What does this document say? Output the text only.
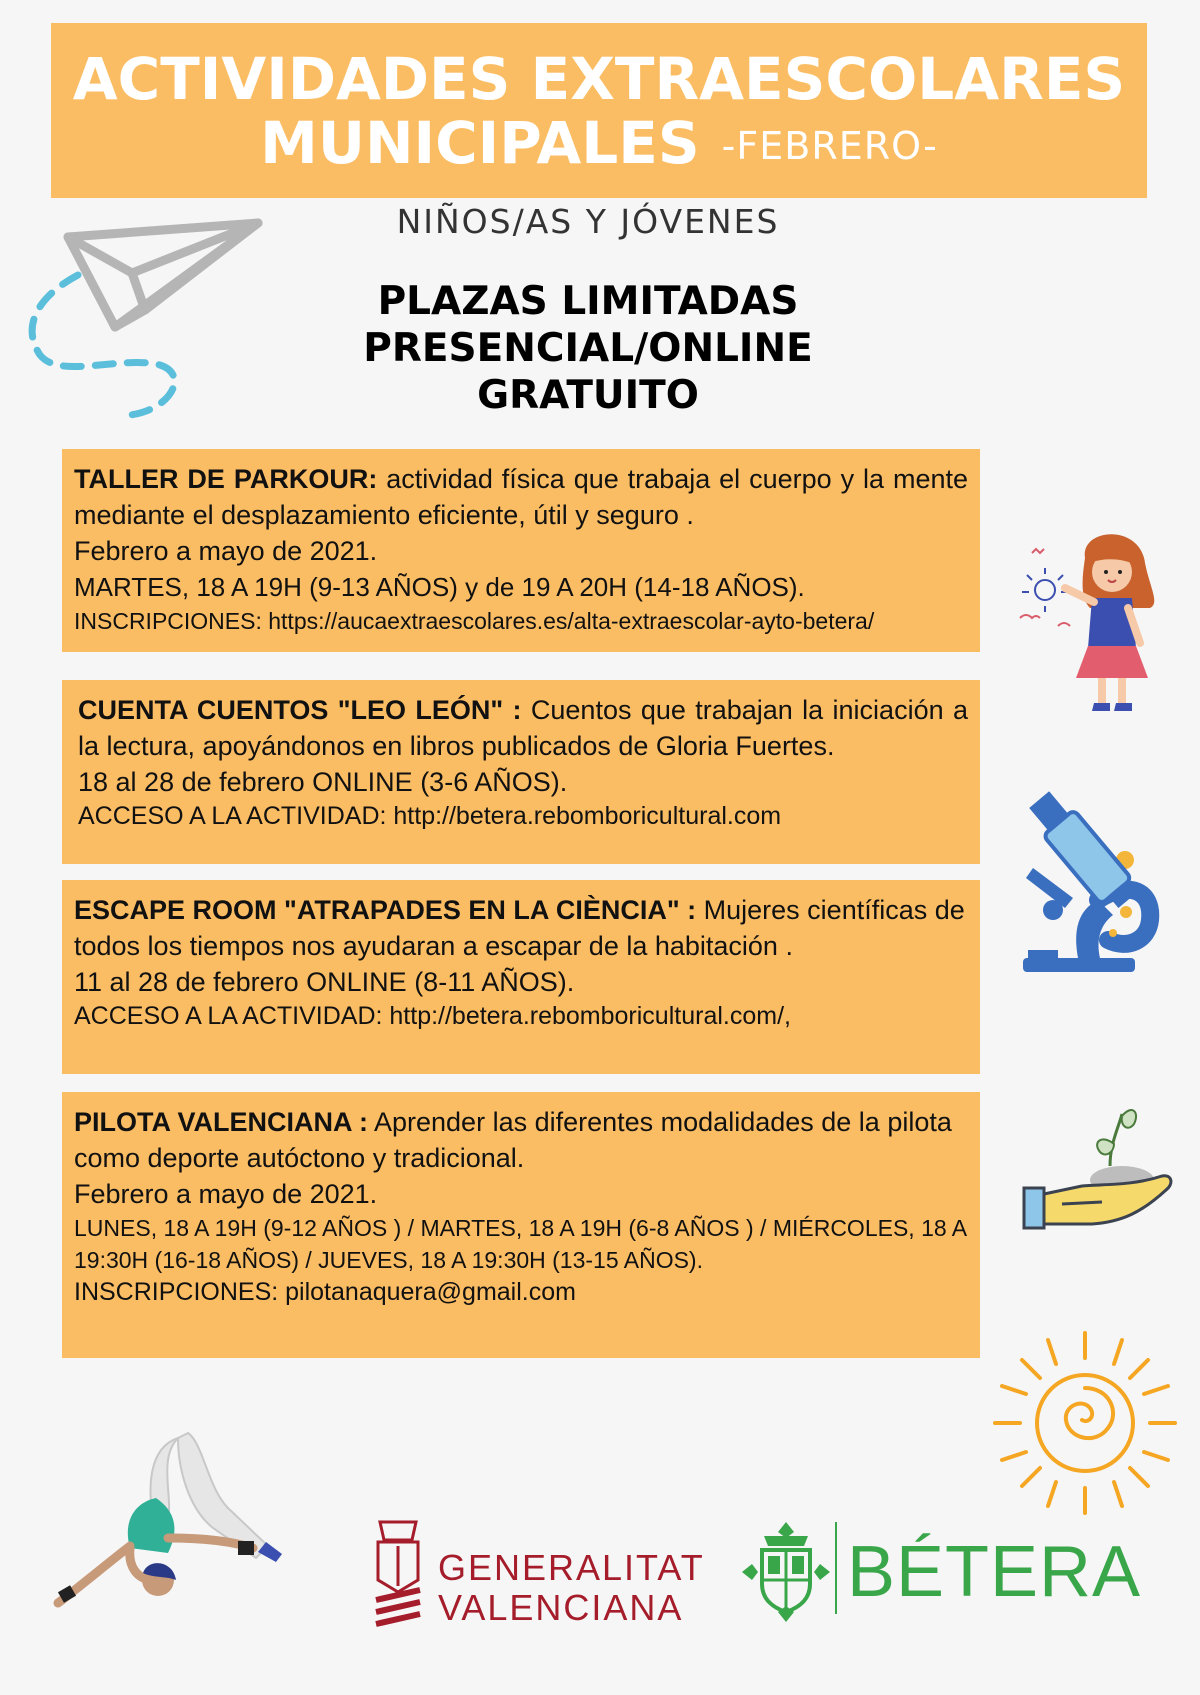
ACTIVIDADES EXTRAESCOLARES
MUNICIPALES -FEBRERO-
NIÑOS/AS Y JÓVENES
PLAZAS LIMITADAS
PRESENCIAL/ONLINE
GRATUITO

TALLER DE PARKOUR: actividad física que trabaja el cuerpo y la mente mediante el desplazamiento eficiente, útil y seguro .

Febrero a mayo de 2021.

MARTES, 18 A 19H (9-13 AÑOS) y de 19 A 20H (14-18 AÑOS).

INSCRIPCIONES: https://aucaextraescolares.es/alta-extraescolar-ayto-betera/

CUENTA CUENTOS "LEO LEÓN" : Cuentos que trabajan la iniciación a la lectura, apoyándonos en libros publicados de Gloria Fuertes.

18 al 28 de febrero ONLINE (3-6 AÑOS).

ACCESO A LA ACTIVIDAD: http://betera.rebomboricultural.com

ESCAPE ROOM "ATRAPADES EN LA CIÈNCIA" : Mujeres científicas de todos los tiempos nos ayudaran a escapar de la habitación .

11 al 28 de febrero ONLINE (8-11 AÑOS).

ACCESO A LA ACTIVIDAD: http://betera.rebomboricultural.com/,

PILOTA VALENCIANA : Aprender las diferentes modalidades de la pilota como deporte autóctono y tradicional.

Febrero a mayo de 2021.

LUNES, 18 A 19H (9-12 AÑOS ) / MARTES, 18 A 19H (6-8 AÑOS ) / MIÉRCOLES, 18 A 19:30H (16-18 AÑOS) / JUEVES, 18 A 19:30H (13-15 AÑOS).

INSCRIPCIONES: pilotanaquera@gmail.com

GENERALITAT
VALENCIANA BÉTERA
